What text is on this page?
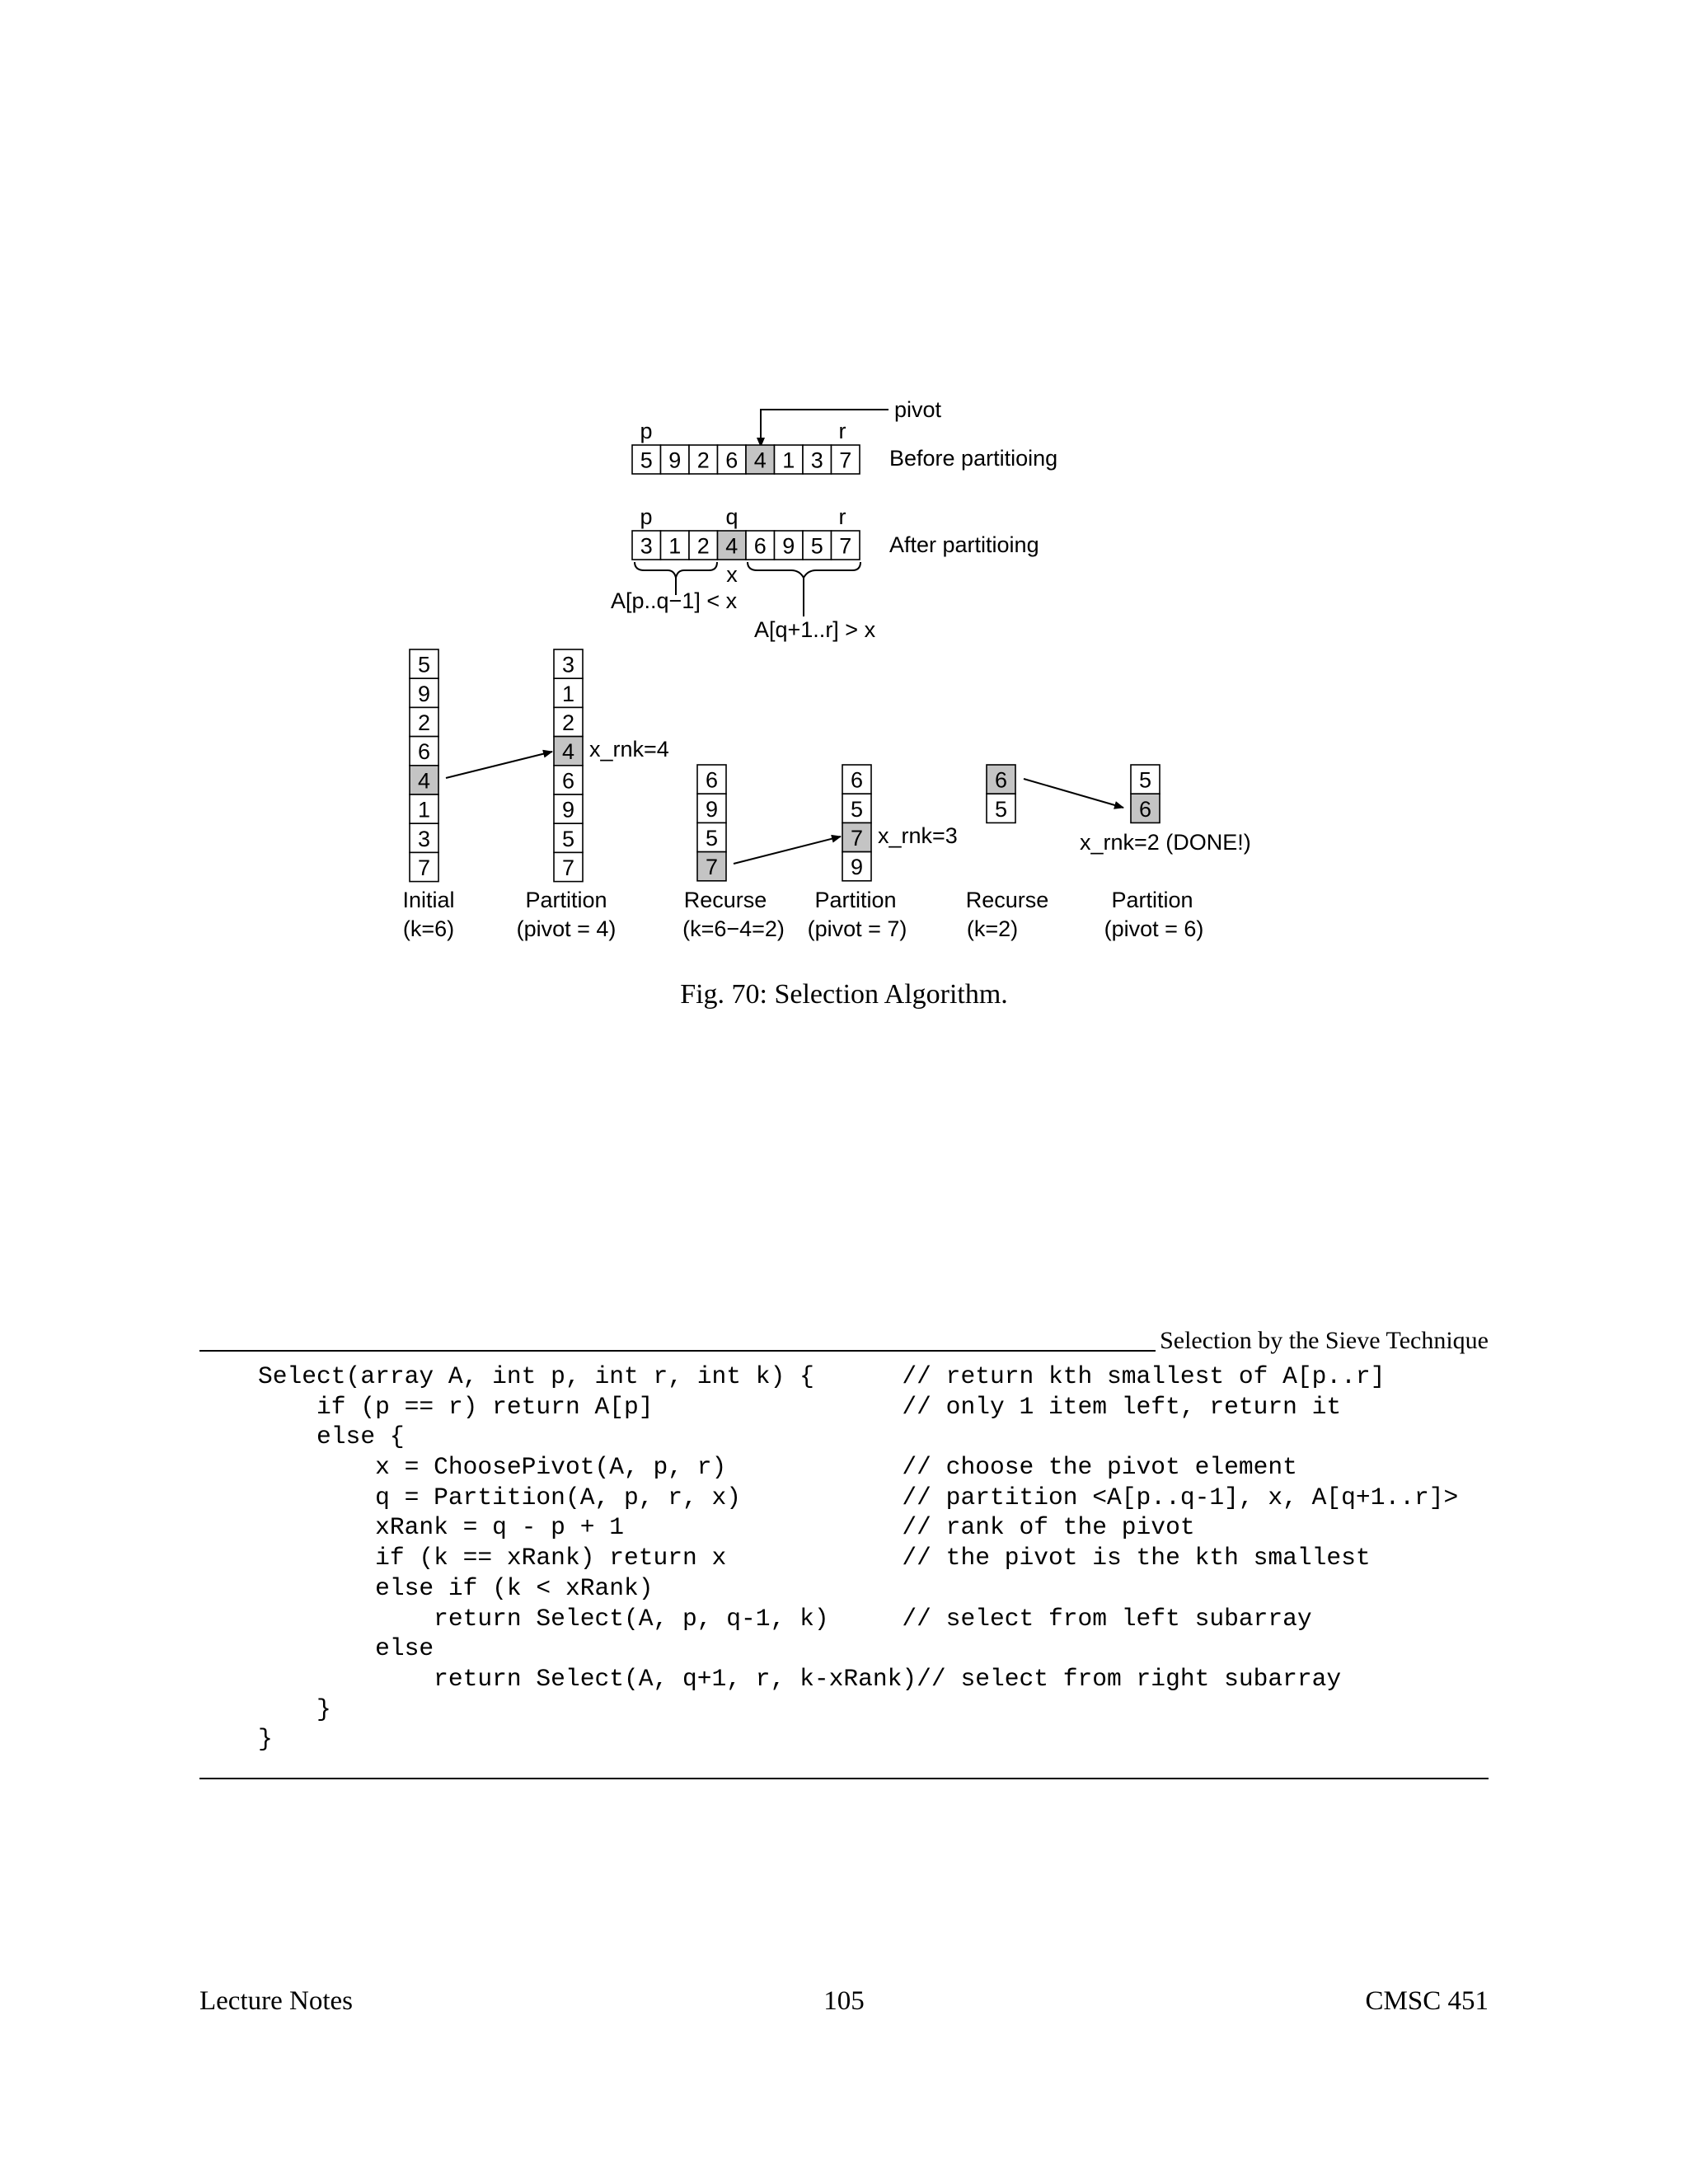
pivot
p	r
5 9 2 6 4 1 3 7 Before partitioing
p	q	r
3 1 2 4 6 9 5 7 After partitioing
x
A[p..q−1] < x
A[q+1..r] > x
5
9
2
6
4
1
3
7
3
1
2
4
6
9
5
7
6
9
5
7
6
5
7
9
6
5
5
6
x_rnk=4
x_rnk=3	x_rnk=2 (DONE!)
Initial
(k=6)
Partition
(pivot = 4)
Recurse
(k=6−4=2)
Partition
(pivot = 7)
Recurse
(k=2)
Partition
(pivot = 6)
Fig. 70: Selection Algorithm.
Selection by the Sieve Technique
Select(array A, int p, int r, int k) {      // return kth smallest of A[p..r]
if (p == r) return A[p]                 // only 1 item left, return it
else {
x = ChoosePivot(A, p, r)            // choose the pivot element
q = Partition(A, p, r, x)           // partition <A[p..q-1], x, A[q+1..r]>
xRank = q - p + 1                   // rank of the pivot
if (k == xRank) return x            // the pivot is the kth smallest
else if (k < xRank)
return Select(A, p, q-1, k)     // select from left subarray
else
return Select(A, q+1, r, k-xRank)// select from right subarray
}
}
Lecture Notes	105	CMSC 451
